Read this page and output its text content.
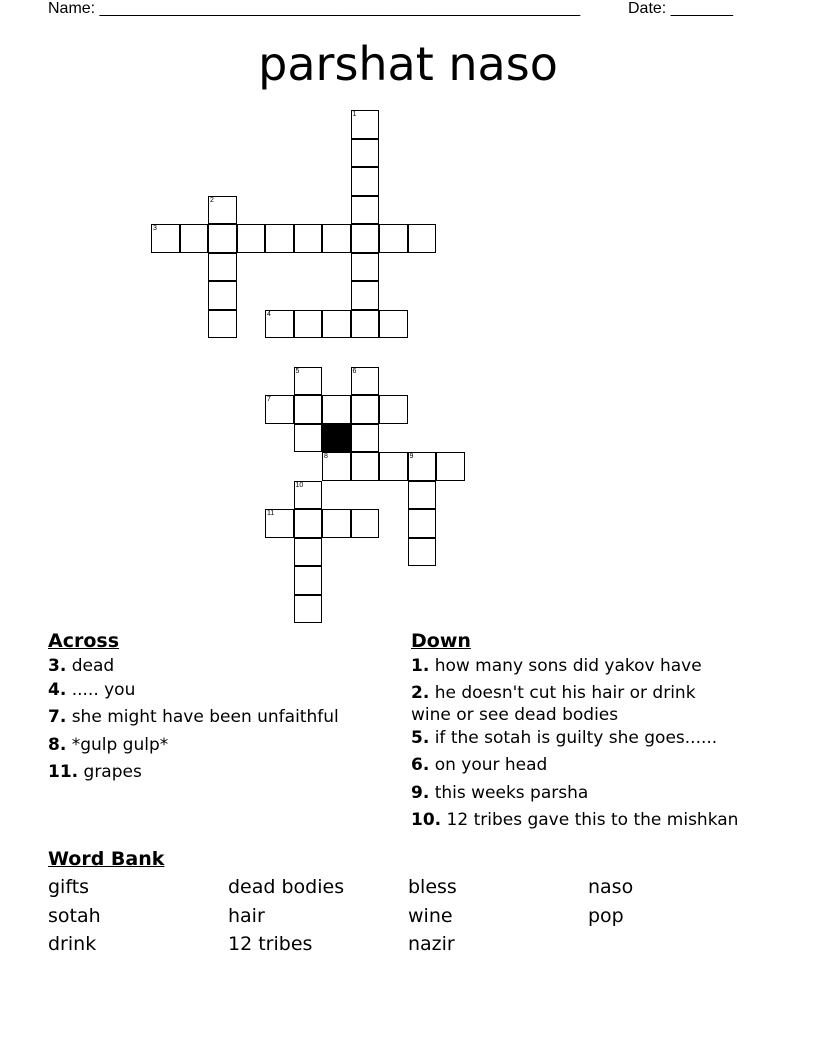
Name: ______________________________________________________	Date: _______
parshat naso
1
3
4
5	6
7
8	9
10
11
2
Across
3. dead
4. ..... you
7. she might have been unfaithful
8. *gulp gulp*
11. grapes
Down
1. how many sons did yakov have
2. he doesn't cut his hair or drink
wine or see dead bodies
5. if the sotah is guilty she goes......
6. on your head
9. this weeks parsha
10. 12 tribes gave this to the mishkan
Word Bank
gifts	dead bodies	bless	naso
sotah	hair	wine	pop
drink	12 tribes	nazir
